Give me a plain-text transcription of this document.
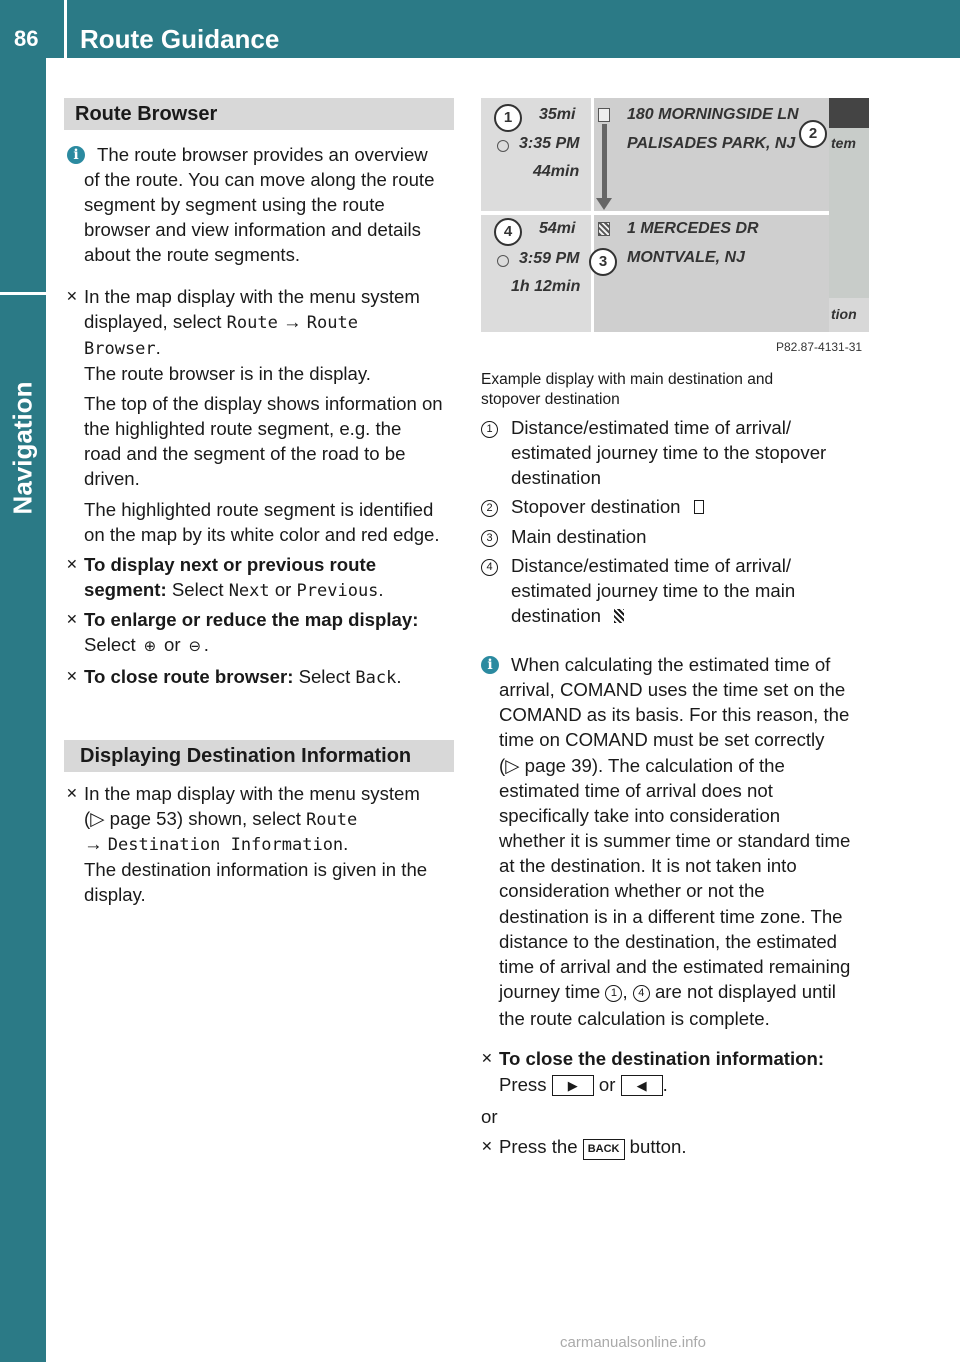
86 Route Guidance
Navigation
Route Browser
i The route browser provides an overview
of the route. You can move along the route
segment by segment using the route
browser and view information and details
about the route segments.
✕ In the map display with the menu system
displayed, select Route → Route
Browser.
The route browser is in the display.
The top of the display shows information on
the highlighted route segment, e.g. the
road and the segment of the road to be
driven.
The highlighted route segment is identified
on the map by its white color and red edge.
✕ To display next or previous route
segment: Select Next or Previous.
✕ To enlarge or reduce the map display:
Select ⊕ or ⊖ .
✕ To close route browser: Select Back.
Displaying Destination Information
✕ In the map display with the menu system
(▷ page 53) shown, select Route
→ Destination Information.
The destination information is given in the
display.
35mi
3:35 PM
44min
54mi
3:59 PM
1h 12min
180 MORNINGSIDE LN
PALISADES PARK, NJ
1 MERCEDES DR
MONTVALE, NJ
tem
tion
1
2
3
4
P82.87-4131-31
Example display with main destination and
stopover destination
1 Distance/estimated time of arrival/
estimated journey time to the stopover
destination
2 Stopover destination
3 Main destination
4 Distance/estimated time of arrival/
estimated journey time to the main
destination
i When calculating the estimated time of
arrival, COMAND uses the time set on the
COMAND as its basis. For this reason, the
time on COMAND must be set correctly
(▷ page 39). The calculation of the
estimated time of arrival does not
specifically take into consideration
whether it is summer time or standard time
at the destination. It is not taken into
consideration whether or not the
destination is in a different time zone. The
distance to the destination, the estimated
time of arrival and the estimated remaining
journey time 1 , 4 are not displayed until
the route calculation is complete.
✕ To close the destination information:
Press ▶ or ◀ .
or
✕ Press the BACK button.
carmanualsonline.info
